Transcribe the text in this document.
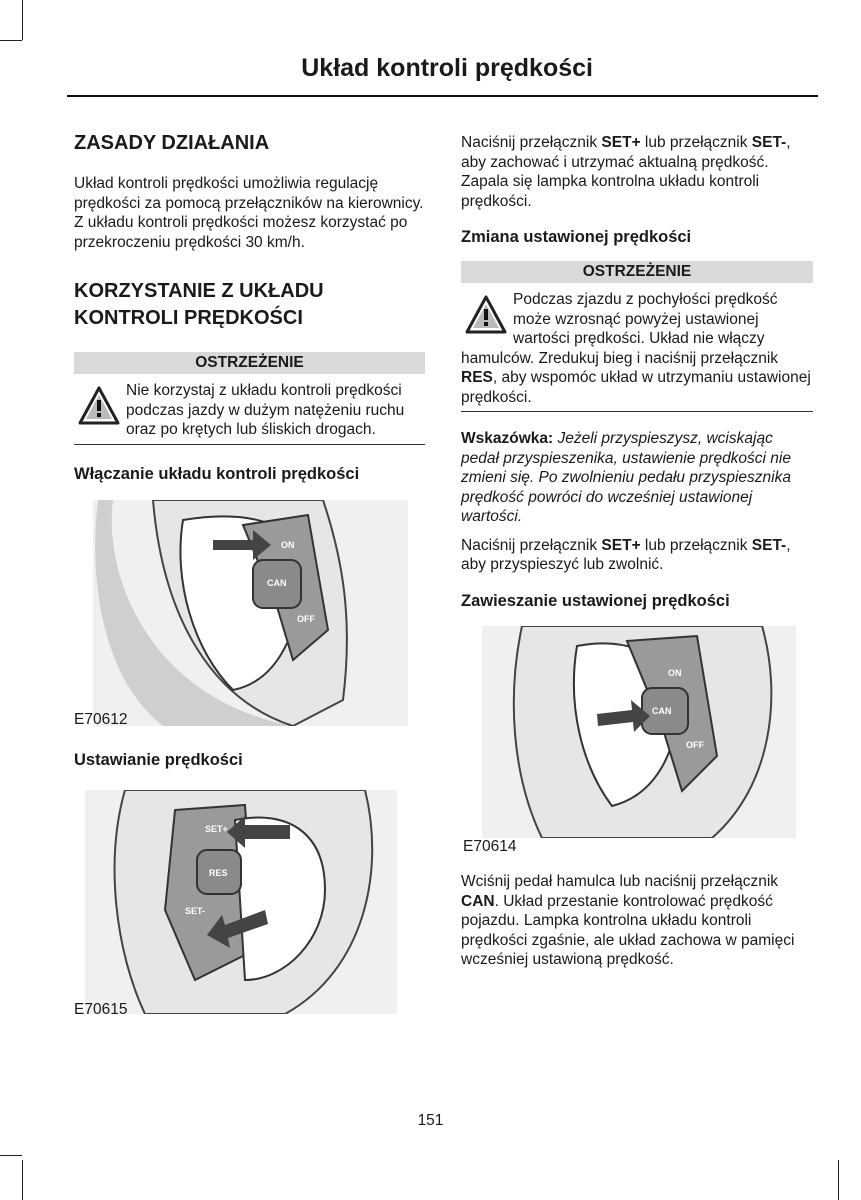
Układ kontroli prędkości
ZASADY DZIAŁANIA

Układ kontroli prędkości umożliwia regulację prędkości za pomocą przełączników na kierownicy. Z układu kontroli prędkości możesz korzystać po przekroczeniu prędkości 30 km/h.

KORZYSTANIE Z UKŁADU
KONTROLI PRĘDKOŚCI
OSTRZEŻENIE

Nie korzystaj z układu kontroli prędkości podczas jazdy w dużym natężeniu ruchu oraz po krętych lub śliskich drogach.

Włączanie układu kontroli prędkości
ON
CAN
OFF
E70612
Ustawianie prędkości
SET+
RES
SET-
E70615

Naciśnij przełącznik SET+ lub przełącznik SET-, aby zachować i utrzymać aktualną prędkość. Zapala się lampka kontrolna układu kontroli prędkości.

Zmiana ustawionej prędkości
OSTRZEŻENIE

Podczas zjazdu z pochyłości prędkość może wzrosnąć powyżej ustawionej wartości prędkości. Układ nie włączy hamulców. Zredukuj bieg i naciśnij przełącznik RES, aby wspomóc układ w utrzymaniu ustawionej prędkości.

Wskazówka: Jeżeli przyspieszysz, wciskając pedał przyspieszenika, ustawienie prędkości nie zmieni się. Po zwolnieniu pedału przyspiesznika prędkość powróci do wcześniej ustawionej wartości.

Naciśnij przełącznik SET+ lub przełącznik SET-, aby przyspieszyć lub zwolnić.

Zawieszanie ustawionej prędkości
ON
CAN
OFF
E70614

Wciśnij pedał hamulca lub naciśnij przełącznik CAN. Układ przestanie kontrolować prędkość pojazdu. Lampka kontrolna układu kontroli prędkości zgaśnie, ale układ zachowa w pamięci wcześniej ustawioną prędkość.

151
